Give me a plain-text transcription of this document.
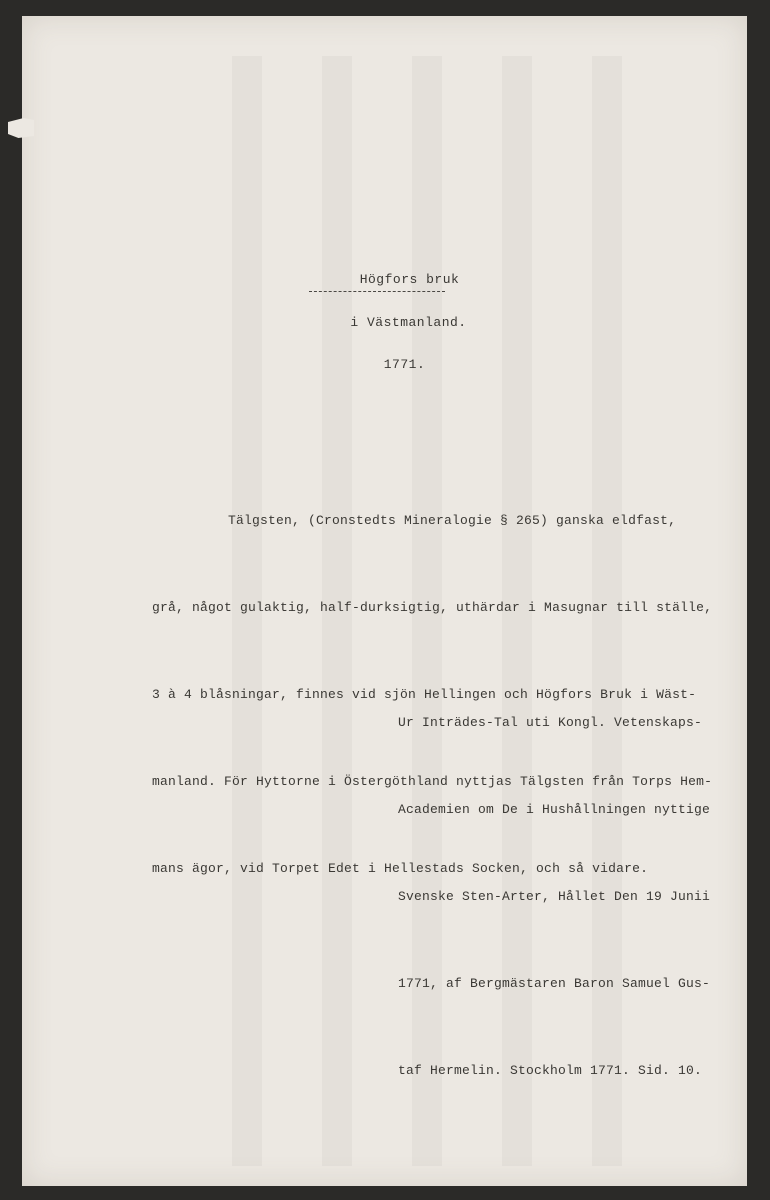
Högfors bruk
i Västmanland.
1771.

Tälgsten, (Cronstedts Mineralogie § 265) ganska eldfast,

grå, något gulaktig, half-durksigtig, uthärdar i Masugnar till ställe,

3 à 4 blåsningar, finnes vid sjön Hellingen och Högfors Bruk i Wäst-

manland. För Hyttorne i Östergöthland nyttjas Tälgsten från Torps Hem-

mans ägor, vid Torpet Edet i Hellestads Socken, och så vidare.

Ur Inträdes-Tal uti Kongl. Vetenskaps-

Academien om De i Hushållningen nyttige

Svenske Sten-Arter, Hållet Den 19 Junii

1771, af Bergmästaren Baron Samuel Gus-

taf Hermelin. Stockholm 1771. Sid. 10.
